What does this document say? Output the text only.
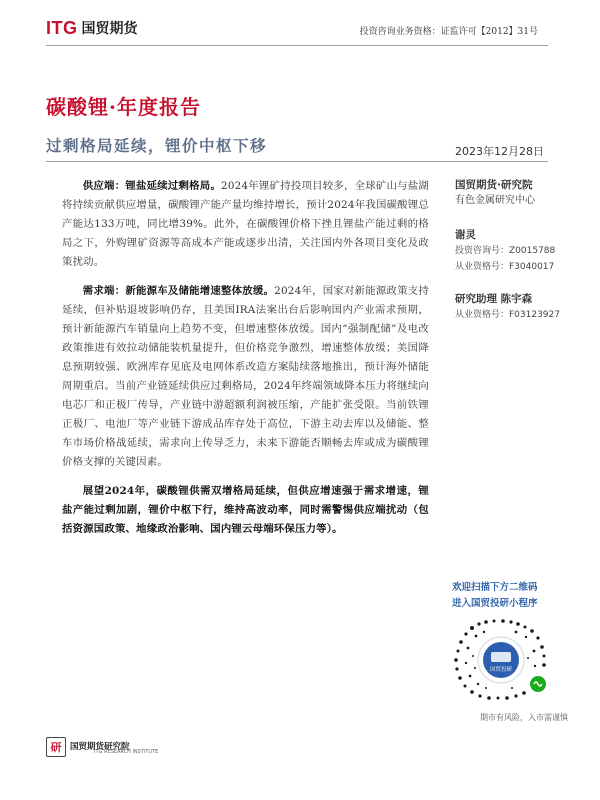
ITG 国贸期货	投资咨询业务资格：证监许可【2012】31号
碳酸锂·年度报告
过剩格局延续，锂价中枢下移	2023年12月28日

供应端：锂盐延续过剩格局。2024年锂矿持投项目较多，全球矿山与盐湖将持续贡献供应增量，碳酸锂产能产量均维持增长，预计2024年我国碳酸锂总产能达133万吨，同比增39%。此外，在碳酸锂价格下挫且锂盐产能过剩的格局之下，外购锂矿资源等高成本产能或逐步出清，关注国内外各项目变化及政策扰动。

需求端：新能源车及储能增速整体放缓。2024年，国家对新能源政策支持延续，但补贴退坡影响仍存，且美国IRA法案出台后影响国内产业需求预期，预计新能源汽车销量向上趋势不变，但增速整体放缓。国内“强制配储”及电改政策推进有效拉动储能装机量提升，但价格竞争激烈，增速整体放缓；美国降息预期较强、欧洲库存见底及电网体系改造方案陆续落地推出，预计海外储能周期重启。当前产业链延续供应过剩格局，2024年终端领域降本压力将继续向电芯厂和正极厂传导，产业链中游超额利润被压缩，产能扩张受限。当前铁锂正极厂、电池厂等产业链下游成品库存处于高位，下游主动去库以及储能、整车市场价格战延续，需求向上传导乏力，未来下游能否顺畅去库或成为碳酸锂价格支撑的关键因素。

展望2024年，碳酸锂供需双增格局延续，但供应增速强于需求增速，锂盐产能过剩加剧，锂价中枢下行，维持高波动率，同时需警惕供应端扰动（包括资源国政策、地缘政治影响、国内锂云母端环保压力等）。

国贸期货·研究院
有色金属研究中心
谢灵
投资咨询号：Z0015788
从业资格号：F3040017
研究助理 陈宇森
从业资格号：F03123927
欢迎扫描下方二维码
进入国贸投研小程序
国贸投研
期市有风险，入市需谨慎
研	国贸期货研究院
ITG RESEARCH INSTITUTE
